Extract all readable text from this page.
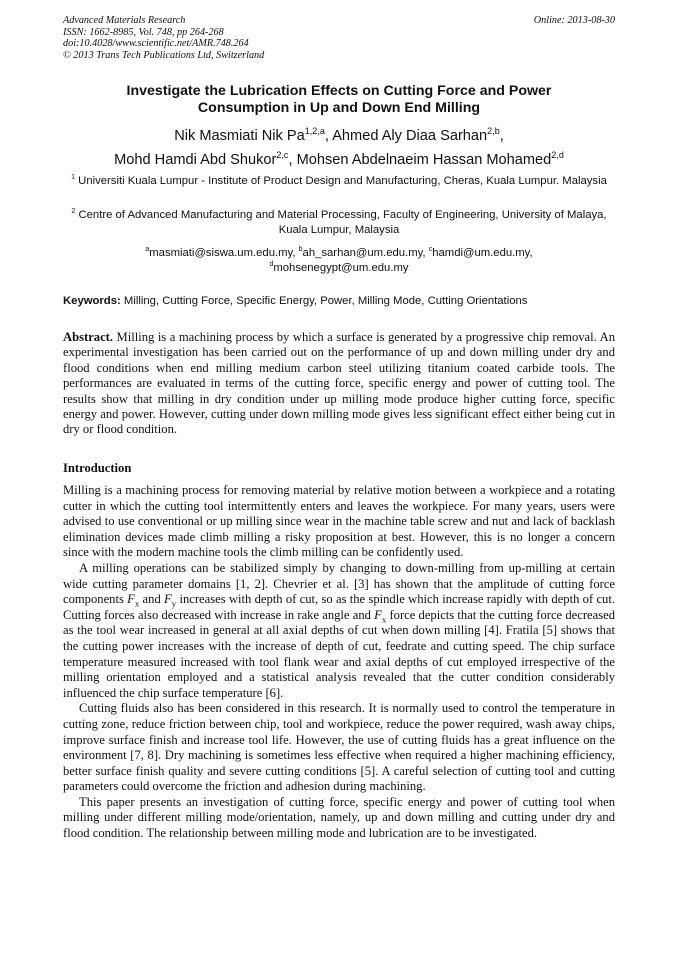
Advanced Materials Research
ISSN: 1662-8985, Vol. 748, pp 264-268
doi:10.4028/www.scientific.net/AMR.748.264
© 2013 Trans Tech Publications Ltd, Switzerland
Online: 2013-08-30
Investigate the Lubrication Effects on Cutting Force and Power
Consumption in Up and Down End Milling
Nik Masmiati Nik Pa$^{1,2,a}$, Ahmed Aly Diaa Sarhan$^{2,b}$,
Mohd Hamdi Abd Shukor$^{2,c}$, Mohsen Abdelnaeim Hassan Mohamed$^{2,d}$
$^1$ Universiti Kuala Lumpur - Institute of Product Design and Manufacturing, Cheras, Kuala Lumpur. Malaysia
$^2$ Centre of Advanced Manufacturing and Material Processing, Faculty of Engineering, University of Malaya, Kuala Lumpur, Malaysia
$^a$masmiati@siswa.um.edu.my, $^b$ah_sarhan@um.edu.my, $^c$hamdi@um.edu.my,
$^d$mohsenegypt@um.edu.my
Keywords: Milling, Cutting Force, Specific Energy, Power, Milling Mode, Cutting Orientations
Abstract. Milling is a machining process by which a surface is generated by a progressive chip removal. An experimental investigation has been carried out on the performance of up and down milling under dry and flood conditions when end milling medium carbon steel utilizing titanium coated carbide tools. The performances are evaluated in terms of the cutting force, specific energy and power of cutting tool. The results show that milling in dry condition under up milling mode produce higher cutting force, specific energy and power. However, cutting under down milling mode gives less significant effect either being cut in dry or flood condition.
Introduction

Milling is a machining process for removing material by relative motion between a workpiece and a rotating cutter in which the cutting tool intermittently enters and leaves the workpiece. For many years, users were advised to use conventional or up milling since wear in the machine table screw and nut and lack of backlash elimination devices made climb milling a risky proposition at best. However, this is no longer a concern since with the modern machine tools the climb milling can be confidently used.

A milling operations can be stabilized simply by changing to down-milling from up-milling at certain wide cutting parameter domains [1, 2]. Chevrier et al. [3] has shown that the amplitude of cutting force components $F_x$ and $F_y$ increases with depth of cut, so as the spindle which increase rapidly with depth of cut. Cutting forces also decreased with increase in rake angle and $F_x$ force depicts that the cutting force decreased as the tool wear increased in general at all axial depths of cut when down milling [4]. Fratila [5] shows that the cutting power increases with the increase of depth of cut, feedrate and cutting speed. The chip surface temperature measured increased with tool flank wear and axial depths of cut employed irrespective of the milling orientation employed and a statistical analysis revealed that the cutter condition considerably influenced the chip surface temperature [6].

Cutting fluids also has been considered in this research. It is normally used to control the temperature in cutting zone, reduce friction between chip, tool and workpiece, reduce the power required, wash away chips, improve surface finish and increase tool life. However, the use of cutting fluids has a great influence on the environment [7, 8]. Dry machining is sometimes less effective when required a higher machining efficiency, better surface finish quality and severe cutting conditions [5]. A careful selection of cutting tool and cutting parameters could overcome the friction and adhesion during machining.

This paper presents an investigation of cutting force, specific energy and power of cutting tool when milling under different milling mode/orientation, namely, up and down milling and cutting under dry and flood condition. The relationship between milling mode and lubrication are to be investigated.
